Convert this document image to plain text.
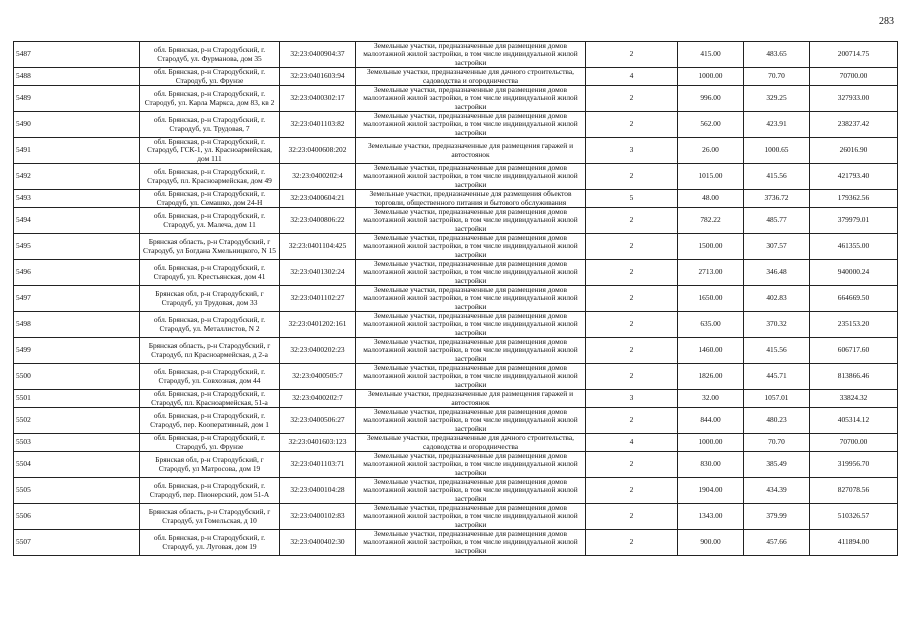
283
5487	обл. Брянская, р-н Стародубский, г. Стародуб, ул. Фурманова, дом 35	32:23:0400904:37	Земельные участки, предназначенные для размещения домов малоэтажной жилой застройки, в том числе индивидуальной жилой застройки	2	415.00	483.65	200714.75
5488	обл. Брянская, р-н Стародубский, г. Стародуб, ул. Фрунзе	32:23:0401603:94	Земельные участки, предназначенные для дачного строительства, садоводства и огородничества	4	1000.00	70.70	70700.00
5489	обл. Брянская, р-н Стародубский, г. Стародуб, ул. Карла Маркса, дом 83, кв 2	32:23:0400302:17	Земельные участки, предназначенные для размещения домов малоэтажной жилой застройки, в том числе индивидуальной жилой застройки	2	996.00	329.25	327933.00
5490	обл. Брянская, р-н Стародубский, г. Стародуб, ул. Трудовая, 7	32:23:0401103:82	Земельные участки, предназначенные для размещения домов малоэтажной жилой застройки, в том числе индивидуальной жилой застройки	2	562.00	423.91	238237.42
5491	обл. Брянская, р-н Стародубский, г. Стародуб, ГСК-1, ул. Красноармейская, дом 111	32:23:0400608:202	Земельные участки, предназначенные для размещения гаражей и автостоянок	3	26.00	1000.65	26016.90
5492	обл. Брянская, р-н Стародубский, г. Стародуб, пл. Красноармейская, дом 49	32:23:0400202:4	Земельные участки, предназначенные для размещения домов малоэтажной жилой застройки, в том числе индивидуальной жилой застройки	2	1015.00	415.56	421793.40
5493	обл. Брянская, р-н Стародубский, г. Стародуб, ул. Семашко, дом 24-Н	32:23:0400604:21	Земельные участки, предназначенные для размещения объектов торговли, общественного питания и бытового обслуживания	5	48.00	3736.72	179362.56
5494	обл. Брянская, р-н Стародубский, г. Стародуб, ул. Малеча, дом 11	32:23:0400806:22	Земельные участки, предназначенные для размещения домов малоэтажной жилой застройки, в том числе индивидуальной жилой застройки	2	782.22	485.77	379979.01
5495	Брянская область, р-н Стародубский, г Стародуб, ул Богдана Хмельницкого, N 15	32:23:0401104:425	Земельные участки, предназначенные для размещения домов малоэтажной жилой застройки, в том числе индивидуальной жилой застройки	2	1500.00	307.57	461355.00
5496	обл. Брянская, р-н Стародубский, г. Стародуб, ул. Крестьянская, дом 41	32:23:0401302:24	Земельные участки, предназначенные для размещения домов малоэтажной жилой застройки, в том числе индивидуальной жилой застройки	2	2713.00	346.48	940000.24
5497	Брянская обл, р-н Стародубский, г Стародуб, ул Трудовая, дом 33	32:23:0401102:27	Земельные участки, предназначенные для размещения домов малоэтажной жилой застройки, в том числе индивидуальной жилой застройки	2	1650.00	402.83	664669.50
5498	обл. Брянская, р-н Стародубский, г. Стародуб, ул. Металлистов, N 2	32:23:0401202:161	Земельные участки, предназначенные для размещения домов малоэтажной жилой застройки, в том числе индивидуальной жилой застройки	2	635.00	370.32	235153.20
5499	Брянская область, р-н Стародубский, г Стародуб, пл Красноармейская, д 2-а	32:23:0400202:23	Земельные участки, предназначенные для размещения домов малоэтажной жилой застройки, в том числе индивидуальной жилой застройки	2	1460.00	415.56	606717.60
5500	обл. Брянская, р-н Стародубский, г. Стародуб, ул. Совхозная, дом 44	32:23:0400505:7	Земельные участки, предназначенные для размещения домов малоэтажной жилой застройки, в том числе индивидуальной жилой застройки	2	1826.00	445.71	813866.46
5501	обл. Брянская, р-н Стародубский, г. Стародуб, пл. Красноармейская, 51-а	32:23:0400202:7	Земельные участки, предназначенные для размещения гаражей и автостоянок	3	32.00	1057.01	33824.32
5502	обл. Брянская, р-н Стародубский, г. Стародуб, пер. Кооперативный, дом 1	32:23:0400506:27	Земельные участки, предназначенные для размещения домов малоэтажной жилой застройки, в том числе индивидуальной жилой застройки	2	844.00	480.23	405314.12
5503	обл. Брянская, р-н Стародубский, г. Стародуб, ул. Фрунзе	32:23:0401603:123	Земельные участки, предназначенные для дачного строительства, садоводства и огородничества	4	1000.00	70.70	70700.00
5504	Брянская обл, р-н Стародубский, г Стародуб, ул Матросова, дом 19	32:23:0401103:71	Земельные участки, предназначенные для размещения домов малоэтажной жилой застройки, в том числе индивидуальной жилой застройки	2	830.00	385.49	319956.70
5505	обл. Брянская, р-н Стародубский, г. Стародуб, пер. Пионерский, дом 51-А	32:23:0400104:28	Земельные участки, предназначенные для размещения домов малоэтажной жилой застройки, в том числе индивидуальной жилой застройки	2	1904.00	434.39	827078.56
5506	Брянская область, р-н Стародубский, г Стародуб, ул Гомельская, д 10	32:23:0400102:83	Земельные участки, предназначенные для размещения домов малоэтажной жилой застройки, в том числе индивидуальной жилой застройки	2	1343.00	379.99	510326.57
5507	обл. Брянская, р-н Стародубский, г. Стародуб, ул. Луговая, дом 19	32:23:0400402:30	Земельные участки, предназначенные для размещения домов малоэтажной жилой застройки, в том числе индивидуальной жилой застройки	2	900.00	457.66	411894.00
